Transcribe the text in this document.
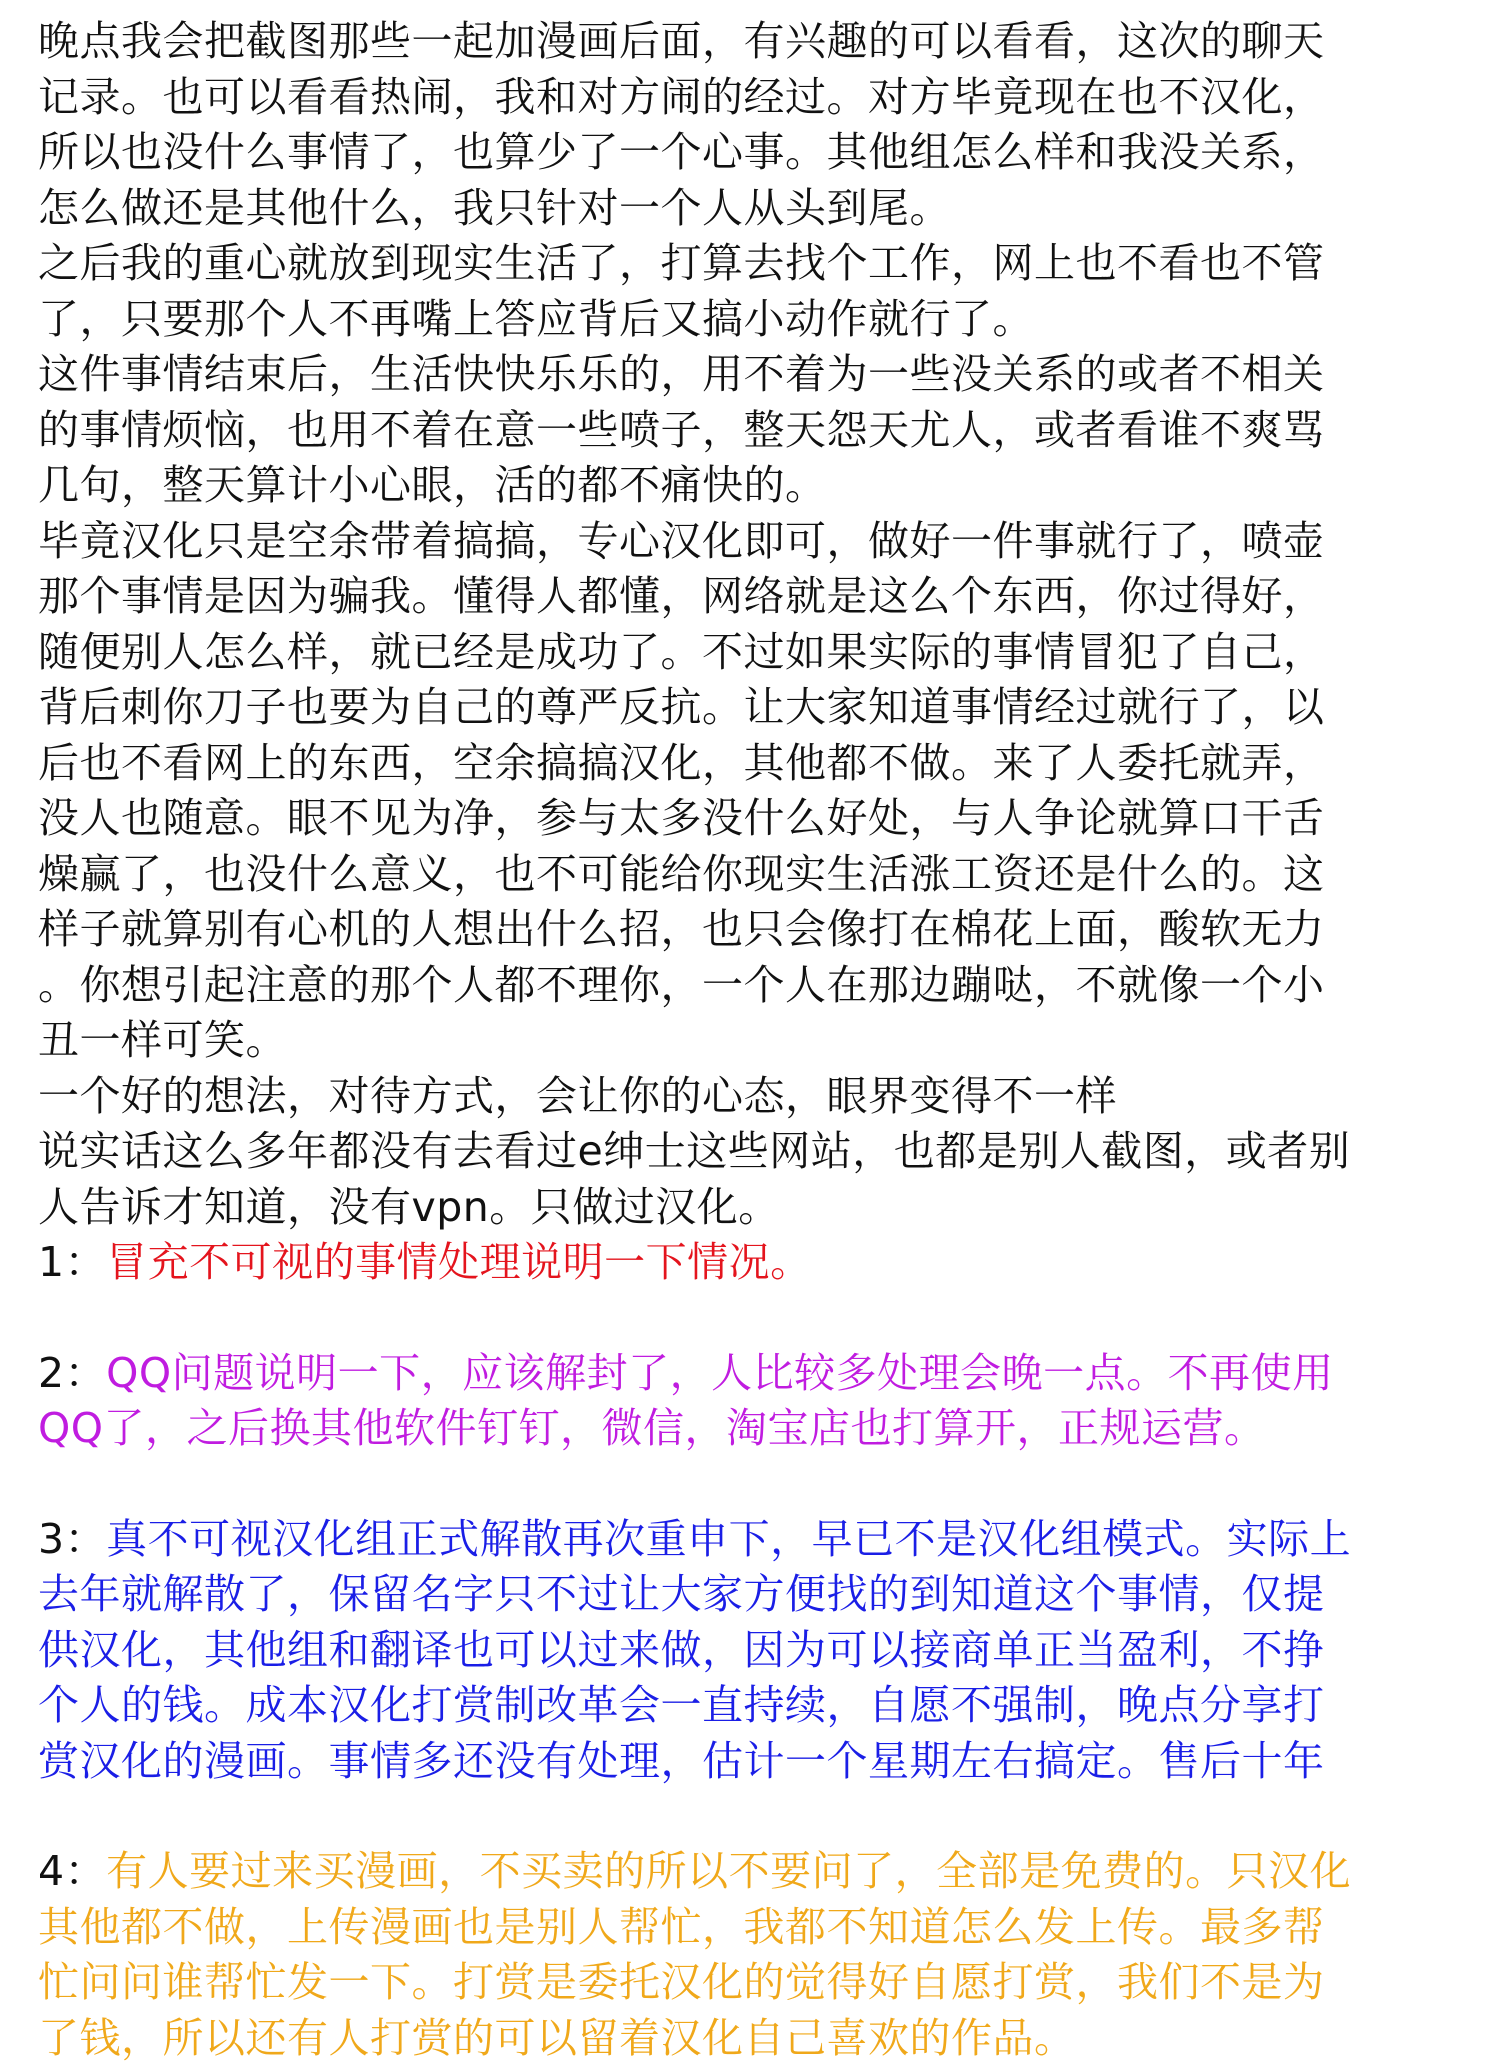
晚点我会把截图那些一起加漫画后面，有兴趣的可以看看，这次的聊天
记录。也可以看看热闹，我和对方闹的经过。对方毕竟现在也不汉化，
所以也没什么事情了，也算少了一个心事。其他组怎么样和我没关系，
怎么做还是其他什么，我只针对一个人从头到尾。

之后我的重心就放到现实生活了，打算去找个工作，网上也不看也不管
了，只要那个人不再嘴上答应背后又搞小动作就行了。

这件事情结束后，生活快快乐乐的，用不着为一些没关系的或者不相关
的事情烦恼，也用不着在意一些喷子，整天怨天尤人，或者看谁不爽骂
几句，整天算计小心眼，活的都不痛快的。

毕竟汉化只是空余带着搞搞，专心汉化即可，做好一件事就行了，喷壶
那个事情是因为骗我。懂得人都懂，网络就是这么个东西，你过得好，
随便别人怎么样，就已经是成功了。不过如果实际的事情冒犯了自己，
背后刺你刀子也要为自己的尊严反抗。让大家知道事情经过就行了，以
后也不看网上的东西，空余搞搞汉化，其他都不做。来了人委托就弄，
没人也随意。眼不见为净，参与太多没什么好处，与人争论就算口干舌
燥赢了，也没什么意义，也不可能给你现实生活涨工资还是什么的。这
样子就算别有心机的人想出什么招，也只会像打在棉花上面，酸软无力
。你想引起注意的那个人都不理你，一个人在那边蹦哒，不就像一个小
丑一样可笑。

一个好的想法，对待方式，会让你的心态，眼界变得不一样

说实话这么多年都没有去看过e绅士这些网站，也都是别人截图，或者别
人告诉才知道，没有vpn。只做过汉化。

1：冒充不可视的事情处理说明一下情况。

2：QQ问题说明一下，应该解封了，人比较多处理会晚一点。不再使用
QQ了，之后换其他软件钉钉，微信，淘宝店也打算开，正规运营。

3：真不可视汉化组正式解散再次重申下，早已不是汉化组模式。实际上
去年就解散了，保留名字只不过让大家方便找的到知道这个事情，仅提
供汉化，其他组和翻译也可以过来做，因为可以接商单正当盈利，不挣
个人的钱。成本汉化打赏制改革会一直持续，自愿不强制，晚点分享打
赏汉化的漫画。事情多还没有处理，估计一个星期左右搞定。售后十年

4：有人要过来买漫画，不买卖的所以不要问了，全部是免费的。只汉化
其他都不做，上传漫画也是别人帮忙，我都不知道怎么发上传。最多帮
忙问问谁帮忙发一下。打赏是委托汉化的觉得好自愿打赏，我们不是为
了钱，所以还有人打赏的可以留着汉化自己喜欢的作品。
